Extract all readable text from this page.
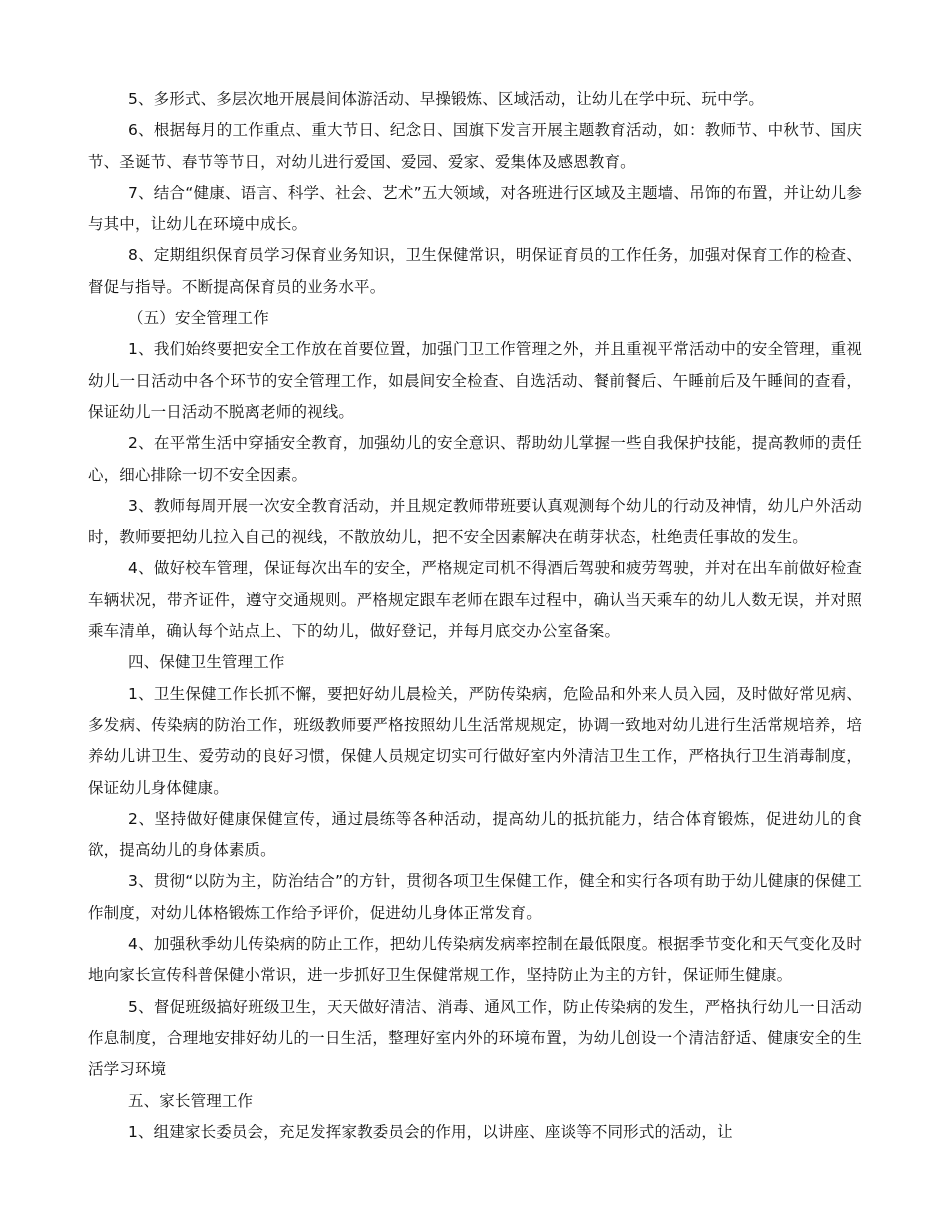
5、多形式、多层次地开展晨间体游活动、早操锻炼、区域活动，让幼儿在学中玩、玩中学。

6、根据每月的工作重点、重大节日、纪念日、国旗下发言开展主题教育活动，如：教师节、中秋节、国庆节、圣诞节、春节等节日，对幼儿进行爱国、爱园、爱家、爱集体及感恩教育。

7、结合“健康、语言、科学、社会、艺术”五大领域，对各班进行区域及主题墙、吊饰的布置，并让幼儿参与其中，让幼儿在环境中成长。

8、定期组织保育员学习保育业务知识，卫生保健常识，明保证育员的工作任务，加强对保育工作的检查、督促与指导。不断提高保育员的业务水平。

（五）安全管理工作

1、我们始终要把安全工作放在首要位置，加强门卫工作管理之外，并且重视平常活动中的安全管理，重视幼儿一日活动中各个环节的安全管理工作，如晨间安全检查、自选活动、餐前餐后、午睡前后及午睡间的查看，保证幼儿一日活动不脱离老师的视线。

2、在平常生活中穿插安全教育，加强幼儿的安全意识、帮助幼儿掌握一些自我保护技能，提高教师的责任心，细心排除一切不安全因素。

3、教师每周开展一次安全教育活动，并且规定教师带班要认真观测每个幼儿的行动及神情，幼儿户外活动时，教师要把幼儿拉入自己的视线，不散放幼儿，把不安全因素解决在萌芽状态，杜绝责任事故的发生。

4、做好校车管理，保证每次出车的安全，严格规定司机不得酒后驾驶和疲劳驾驶，并对在出车前做好检查车辆状况，带齐证件，遵守交通规则。严格规定跟车老师在跟车过程中，确认当天乘车的幼儿人数无误，并对照乘车清单，确认每个站点上、下的幼儿，做好登记，并每月底交办公室备案。

四、保健卫生管理工作

1、卫生保健工作长抓不懈，要把好幼儿晨检关，严防传染病，危险品和外来人员入园，及时做好常见病、多发病、传染病的防治工作，班级教师要严格按照幼儿生活常规规定，协调一致地对幼儿进行生活常规培养，培养幼儿讲卫生、爱劳动的良好习惯，保健人员规定切实可行做好室内外清洁卫生工作，严格执行卫生消毒制度，保证幼儿身体健康。

2、坚持做好健康保健宣传，通过晨练等各种活动，提高幼儿的抵抗能力，结合体育锻炼，促进幼儿的食欲，提高幼儿的身体素质。

3、贯彻“以防为主，防治结合”的方针，贯彻各项卫生保健工作，健全和实行各项有助于幼儿健康的保健工作制度，对幼儿体格锻炼工作给予评价，促进幼儿身体正常发育。

4、加强秋季幼儿传染病的防止工作，把幼儿传染病发病率控制在最低限度。根据季节变化和天气变化及时地向家长宣传科普保健小常识，进一步抓好卫生保健常规工作，坚持防止为主的方针，保证师生健康。

5、督促班级搞好班级卫生，天天做好清洁、消毒、通风工作，防止传染病的发生，严格执行幼儿一日活动作息制度，合理地安排好幼儿的一日生活，整理好室内外的环境布置，为幼儿创设一个清洁舒适、健康安全的生活学习环境

五、家长管理工作

1、组建家长委员会，充足发挥家教委员会的作用，以讲座、座谈等不同形式的活动，让
